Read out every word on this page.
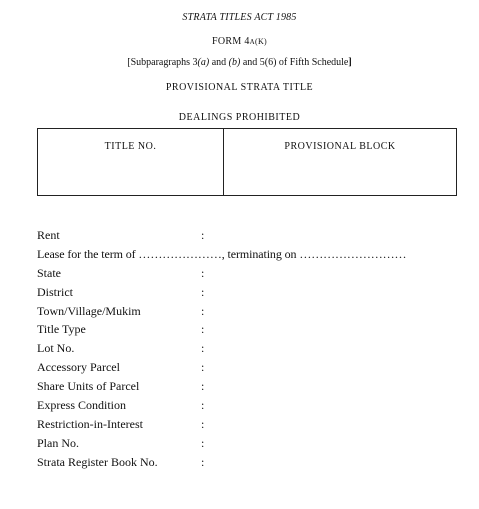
STRATA TITLES ACT 1985
FORM 4A(K)
[Subparagraphs 3(a) and (b) and 5(6) of Fifth Schedule]
PROVISIONAL STRATA TITLE
DEALINGS PROHIBITED
TITLE NO.	PROVISIONAL BLOCK
Rent	:
Lease for the term of …………………, terminating on ………………………
State	:
District	:
Town/Village/Mukim	:
Title Type	:
Lot No.	:
Accessory Parcel	:
Share Units of Parcel	:
Express Condition	:
Restriction-in-Interest	:
Plan No.	:
Strata Register Book No.	:
